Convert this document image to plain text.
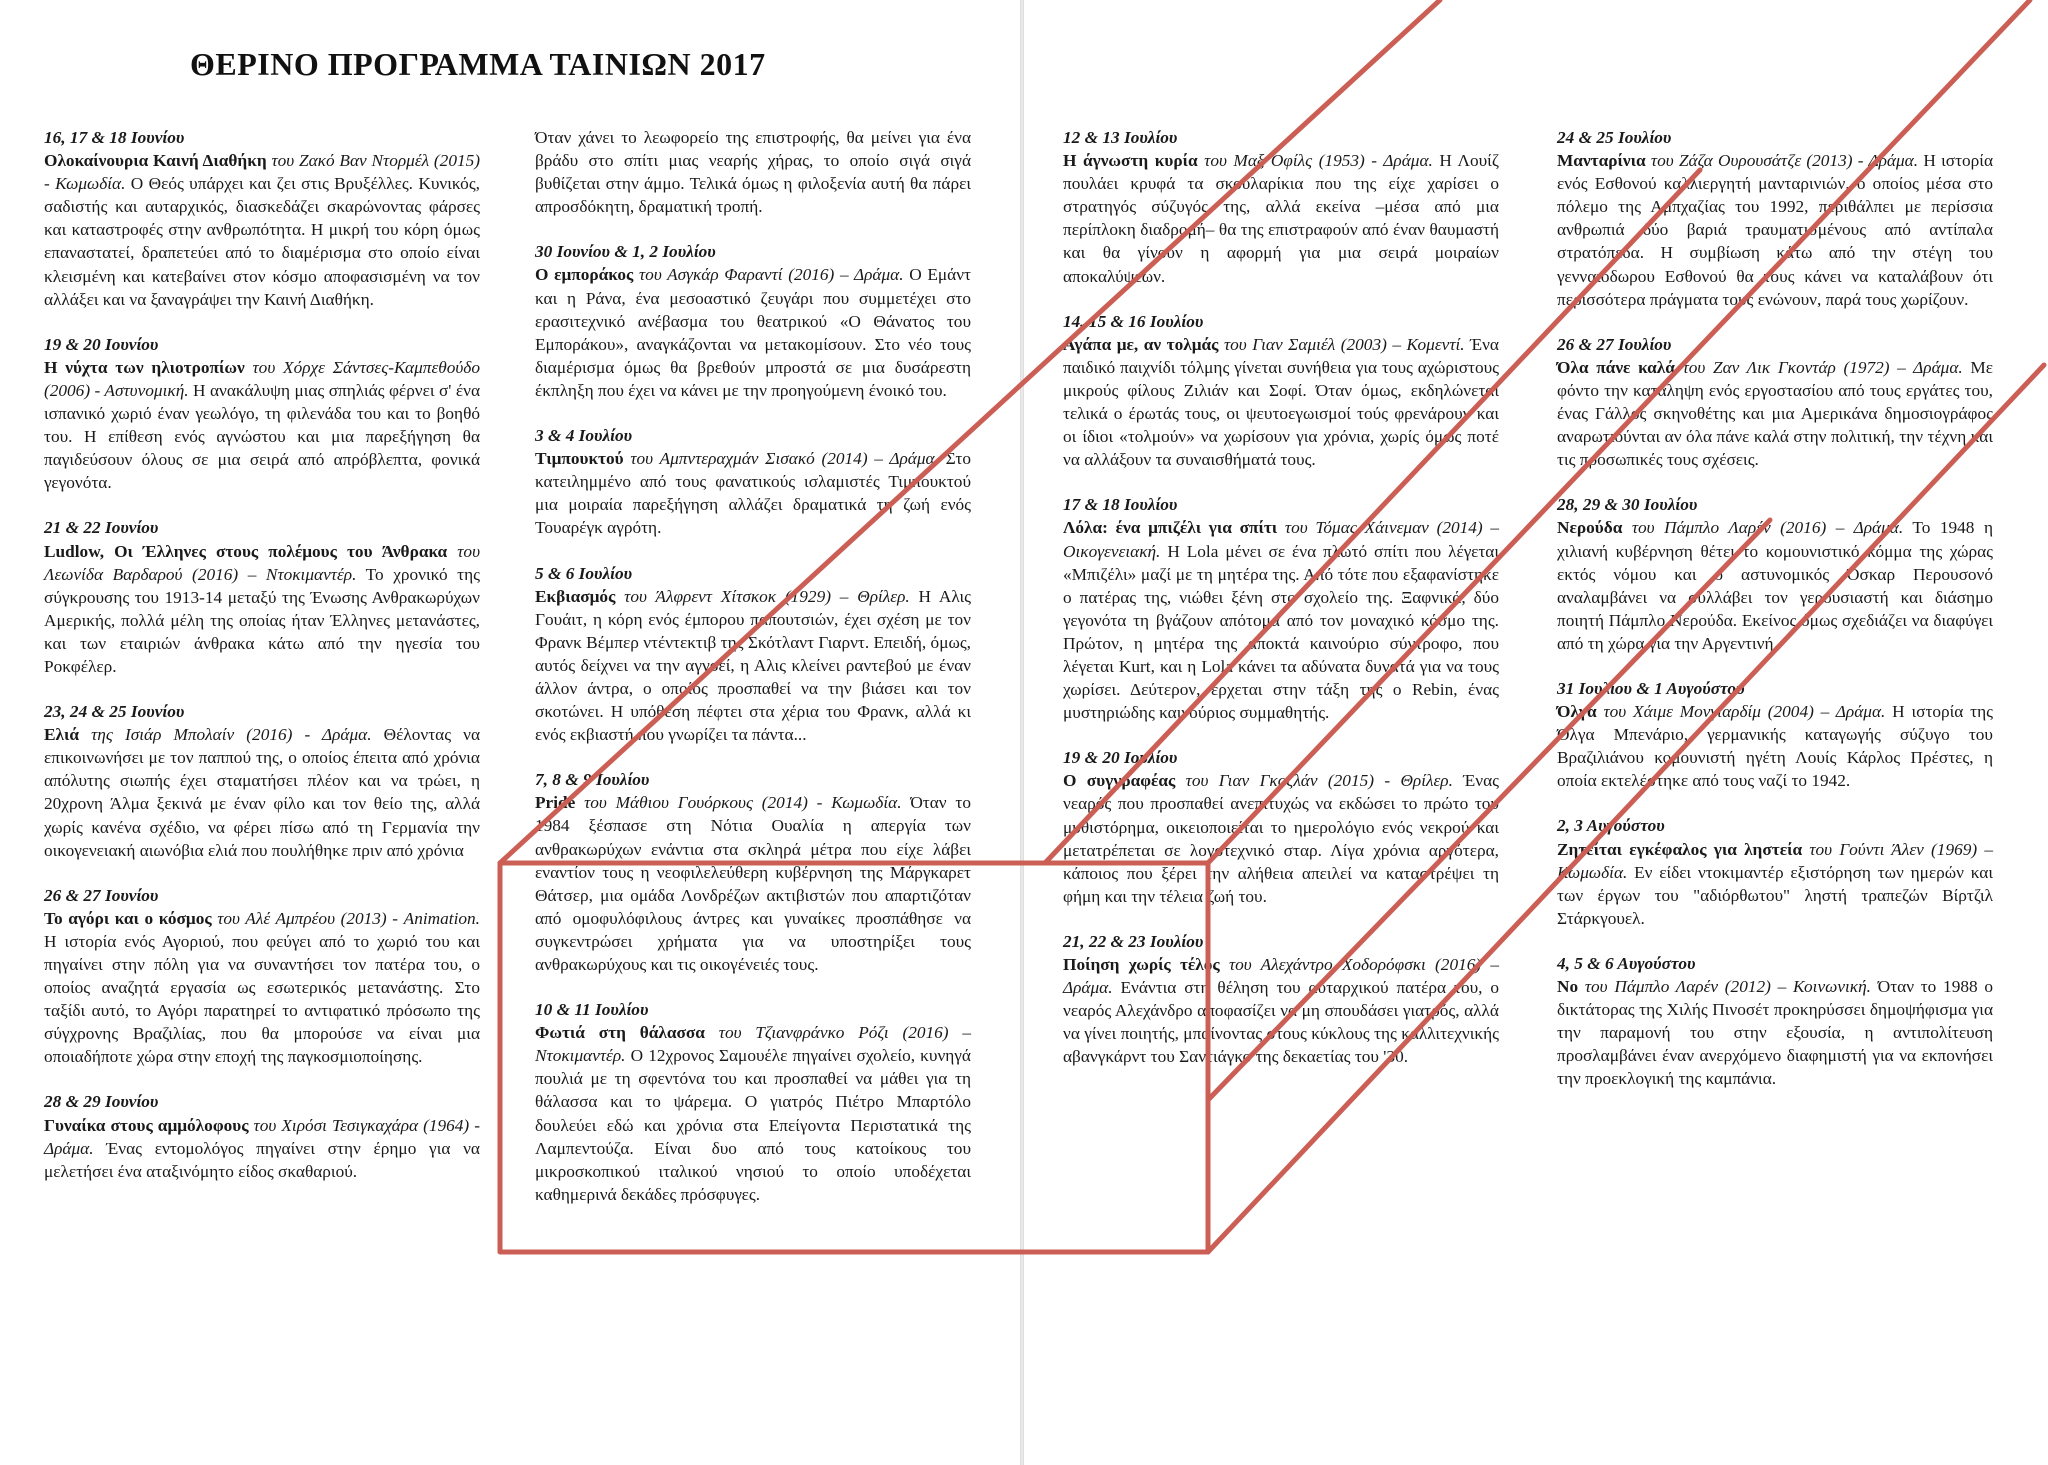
ΘΕΡΙΝΟ ΠΡΟΓΡΑΜΜΑ ΤΑΙΝΙΩΝ 2017

16, 17 & 18 Ιουνίου
Ολοκαίνουρια Καινή Διαθήκη του Ζακό Βαν Ντορμέλ (2015) - Κωμωδία. Ο Θεός υπάρχει και ζει στις Βρυξέλλες. Κυνικός, σαδιστής και αυταρχικός, διασκεδάζει σκαρώνοντας φάρσες και καταστροφές στην ανθρωπότητα. Η μικρή του κόρη όμως επαναστατεί, δραπετεύει από το διαμέρισμα στο οποίο είναι κλεισμένη και κατεβαίνει στον κόσμο αποφασισμένη να τον αλλάξει και να ξαναγράψει την Καινή Διαθήκη.

19 & 20 Ιουνίου
Η νύχτα των ηλιοτροπίων του Χόρχε Σάντσες-Καμπεθούδο (2006) - Αστυνομική. Η ανακάλυψη μιας σπηλιάς φέρνει σ' ένα ισπανικό χωριό έναν γεωλόγο, τη φιλενάδα του και το βοηθό του. Η επίθεση ενός αγνώστου και μια παρεξήγηση θα παγιδεύσουν όλους σε μια σειρά από απρόβλεπτα, φονικά γεγονότα.

21 & 22 Ιουνίου
Ludlow, Οι Έλληνες στους πολέμους του Άνθρακα του Λεωνίδα Βαρδαρού (2016) – Ντοκιμαντέρ. Το χρονικό της σύγκρουσης του 1913-14 μεταξύ της Ένωσης Ανθρακωρύχων Αμερικής, πολλά μέλη της οποίας ήταν Έλληνες μετανάστες, και των εταιριών άνθρακα κάτω από την ηγεσία του Ροκφέλερ.

23, 24 & 25 Ιουνίου
Ελιά της Ισιάρ Μπολαίν (2016) - Δράμα. Θέλοντας να επικοινωνήσει με τον παππού της, ο οποίος έπειτα από χρόνια απόλυτης σιωπής έχει σταματήσει πλέον και να τρώει, η 20χρονη Άλμα ξεκινά με έναν φίλο και τον θείο της, αλλά χωρίς κανένα σχέδιο, να φέρει πίσω από τη Γερμανία την οικογενειακή αιωνόβια ελιά που πουλήθηκε πριν από χρόνια

26 & 27 Ιουνίου
Το αγόρι και ο κόσμος του Αλέ Αμπρέου (2013) - Animation. Η ιστορία ενός Αγοριού, που φεύγει από το χωριό του και πηγαίνει στην πόλη για να συναντήσει τον πατέρα του, ο οποίος αναζητά εργασία ως εσωτερικός μετανάστης. Στο ταξίδι αυτό, το Αγόρι παρατηρεί το αντιφατικό πρόσωπο της σύγχρονης Βραζιλίας, που θα μπορούσε να είναι μια οποιαδήποτε χώρα στην εποχή της παγκοσμιοποίησης.

28 & 29 Ιουνίου
Γυναίκα στους αμμόλοφους του Χιρόσι Τεσιγκαχάρα (1964) - Δράμα. Ένας εντομολόγος πηγαίνει στην έρημο για να μελετήσει ένα αταξινόμητο είδος σκαθαριού.

Όταν χάνει το λεωφορείο της επιστροφής, θα μείνει για ένα βράδυ στο σπίτι μιας νεαρής χήρας, το οποίο σιγά σιγά βυθίζεται στην άμμο. Τελικά όμως η φιλοξενία αυτή θα πάρει απροσδόκητη, δραματική τροπή.

30 Ιουνίου & 1, 2 Ιουλίου
Ο εμποράκος του Ασγκάρ Φαραντί (2016) – Δράμα. Ο Εμάντ και η Ράνα, ένα μεσοαστικό ζευγάρι που συμμετέχει στο ερασιτεχνικό ανέβασμα του θεατρικού «Ο Θάνατος του Εμποράκου», αναγκάζονται να μετακομίσουν. Στο νέο τους διαμέρισμα όμως θα βρεθούν μπροστά σε μια δυσάρεστη έκπληξη που έχει να κάνει με την προηγούμενη ένοικό του.

3 & 4 Ιουλίου
Τιμπουκτού του Αμπντεραχμάν Σισακό (2014) – Δράμα. Στο κατειλημμένο από τους φανατικούς ισλαμιστές Τιμπουκτού μια μοιραία παρεξήγηση αλλάζει δραματικά τη ζωή ενός Τουαρέγκ αγρότη.

5 & 6 Ιουλίου
Εκβιασμός του Άλφρεντ Χίτσκοκ (1929) – Θρίλερ. Η Αλις Γουάιτ, η κόρη ενός έμπορου παπουτσιών, έχει σχέση με τον Φρανκ Βέμπερ ντέντεκτιβ της Σκότλαντ Γιαρντ. Επειδή, όμως, αυτός δείχνει να την αγνοεί, η Αλις κλείνει ραντεβού με έναν άλλον άντρα, ο οποίος προσπαθεί να την βιάσει και τον σκοτώνει. Η υπόθεση πέφτει στα χέρια του Φρανκ, αλλά κι ενός εκβιαστή που γνωρίζει τα πάντα...

7, 8 & 9 Ιουλίου
Pride του Μάθιου Γουόρκους (2014) - Κωμωδία. Όταν το 1984 ξέσπασε στη Νότια Ουαλία η απεργία των ανθρακωρύχων ενάντια στα σκληρά μέτρα που είχε λάβει εναντίον τους η νεοφιλελεύθερη κυβέρνηση της Μάργκαρετ Θάτσερ, μια ομάδα Λονδρέζων ακτιβιστών που απαρτιζόταν από ομοφυλόφιλους άντρες και γυναίκες προσπάθησε να συγκεντρώσει χρήματα για να υποστηρίξει τους ανθρακωρύχους και τις οικογένειές τους.

10 & 11 Ιουλίου
Φωτιά στη θάλασσα του Τζιανφράνκο Ρόζι (2016) – Ντοκιμαντέρ. Ο 12χρονος Σαμουέλε πηγαίνει σχολείο, κυνηγά πουλιά με τη σφεντόνα του και προσπαθεί να μάθει για τη θάλασσα και το ψάρεμα. Ο γιατρός Πιέτρο Μπαρτόλο δουλεύει εδώ και χρόνια στα Επείγοντα Περιστατικά της Λαμπεντούζα. Είναι δυο από τους κατοίκους του μικροσκοπικού ιταλικού νησιού το οποίο υποδέχεται καθημερινά δεκάδες πρόσφυγες.

12 & 13 Ιουλίου
Η άγνωστη κυρία του Μαξ Οφίλς (1953) - Δράμα. Η Λουίζ πουλάει κρυφά τα σκουλαρίκια που της είχε χαρίσει ο στρατηγός σύζυγός της, αλλά εκείνα –μέσα από μια περίπλοκη διαδρομή– θα της επιστραφούν από έναν θαυμαστή και θα γίνουν η αφορμή για μια σειρά μοιραίων αποκαλύψεων.

14, 15 & 16 Ιουλίου
Αγάπα με, αν τολμάς του Γιαν Σαμιέλ (2003) – Κομεντί. Ένα παιδικό παιχνίδι τόλμης γίνεται συνήθεια για τους αχώριστους μικρούς φίλους Ζιλιάν και Σοφί. Όταν όμως, εκδηλώνεται τελικά ο έρωτάς τους, οι ψευτοεγωισμοί τούς φρενάρουν και οι ίδιοι «τολμούν» να χωρίσουν για χρόνια, χωρίς όμως ποτέ να αλλάξουν τα συναισθήματά τους.

17 & 18 Ιουλίου
Λόλα: ένα μπιζέλι για σπίτι του Τόμας Χάινεμαν (2014) – Οικογενειακή. Η Lola μένει σε ένα πλωτό σπίτι που λέγεται «Μπιζέλι» μαζί με τη μητέρα της. Από τότε που εξαφανίστηκε ο πατέρας της, νιώθει ξένη στο σχολείο της. Ξαφνικά, δύο γεγονότα τη βγάζουν απότομα από τον μοναχικό κόσμο της. Πρώτον, η μητέρα της αποκτά καινούριο σύντροφο, που λέγεται Kurt, και η Lola κάνει τα αδύνατα δυνατά για να τους χωρίσει. Δεύτερον, έρχεται στην τάξη της ο Rebin, ένας μυστηριώδης καινούριος συμμαθητής.

19 & 20 Ιουλίου
Ο συγγραφέας του Γιαν Γκοζλάν (2015) - Θρίλερ. Ένας νεαρός που προσπαθεί ανεπιτυχώς να εκδώσει το πρώτο του μυθιστόρημα, οικειοποιείται το ημερολόγιο ενός νεκρού και μετατρέπεται σε λογοτεχνικό σταρ. Λίγα χρόνια αργότερα, κάποιος που ξέρει την αλήθεια απειλεί να καταστρέψει τη φήμη και την τέλεια ζωή του.

21, 22 & 23 Ιουλίου
Ποίηση χωρίς τέλος του Αλεχάντρο Χοδορόφσκι (2016) – Δράμα. Ενάντια στη θέληση του αυταρχικού πατέρα του, ο νεαρός Αλεχάνδρο αποφασίζει να μη σπουδάσει γιατρός, αλλά να γίνει ποιητής, μπαίνοντας στους κύκλους της καλλιτεχνικής αβανγκάρντ του Σαντιάγκο της δεκαετίας του '30.

24 & 25 Ιουλίου
Μανταρίνια του Ζάζα Ουρουσάτζε (2013) - Δράμα. Η ιστορία ενός Εσθονού καλλιεργητή μανταρινιών, ο οποίος μέσα στο πόλεμο της Αμπχαζίας του 1992, περιθάλπει με περίσσια ανθρωπιά δύο βαριά τραυματισμένους από αντίπαλα στρατόπεδα. Η συμβίωση κάτω από την στέγη του γενναιόδωρου Εσθονού θα τους κάνει να καταλάβουν ότι περισσότερα πράγματα τους ενώνουν, παρά τους χωρίζουν.

26 & 27 Ιουλίου
Όλα πάνε καλά του Ζαν Λικ Γκοντάρ (1972) – Δράμα. Με φόντο την κατάληψη ενός εργοστασίου από τους εργάτες του, ένας Γάλλος σκηνοθέτης και μια Αμερικάνα δημοσιογράφος αναρωτιούνται αν όλα πάνε καλά στην πολιτική, την τέχνη και τις προσωπικές τους σχέσεις.

28, 29 & 30 Ιουλίου
Νερούδα του Πάμπλο Λαρέν (2016) – Δράμα. Το 1948 η χιλιανή κυβέρνηση θέτει το κομουνιστικό κόμμα της χώρας εκτός νόμου και ο αστυνομικός Όσκαρ Περουσονό αναλαμβάνει να συλλάβει τον γερουσιαστή και διάσημο ποιητή Πάμπλο Νερούδα. Εκείνος όμως σχεδιάζει να διαφύγει από τη χώρα για την Αργεντινή.

31 Ιουλίου & 1 Αυγούστου
Όλγα του Χάιμε Μονγιαρδίμ (2004) – Δράμα. Η ιστορία της Όλγα Μπενάριο, γερμανικής καταγωγής σύζυγο του Βραζιλιάνου κομουνιστή ηγέτη Λουίς Κάρλος Πρέστες, η οποία εκτελέστηκε από τους ναζί το 1942.

2, 3 Αυγούστου
Ζητείται εγκέφαλος για ληστεία του Γούντι Άλεν (1969) – Κωμωδία. Εν είδει ντοκιμαντέρ εξιστόρηση των ημερών και των έργων του "αδιόρθωτου" ληστή τραπεζών Βίρτζιλ Στάρκγουελ.

4, 5 & 6 Αυγούστου
Νο του Πάμπλο Λαρέν (2012) – Κοινωνική. Όταν το 1988 ο δικτάτορας της Χιλής Πινοσέτ προκηρύσσει δημοψήφισμα για την παραμονή του στην εξουσία, η αντιπολίτευση προσλαμβάνει έναν ανερχόμενο διαφημιστή για να εκπονήσει την προεκλογική της καμπάνια.
